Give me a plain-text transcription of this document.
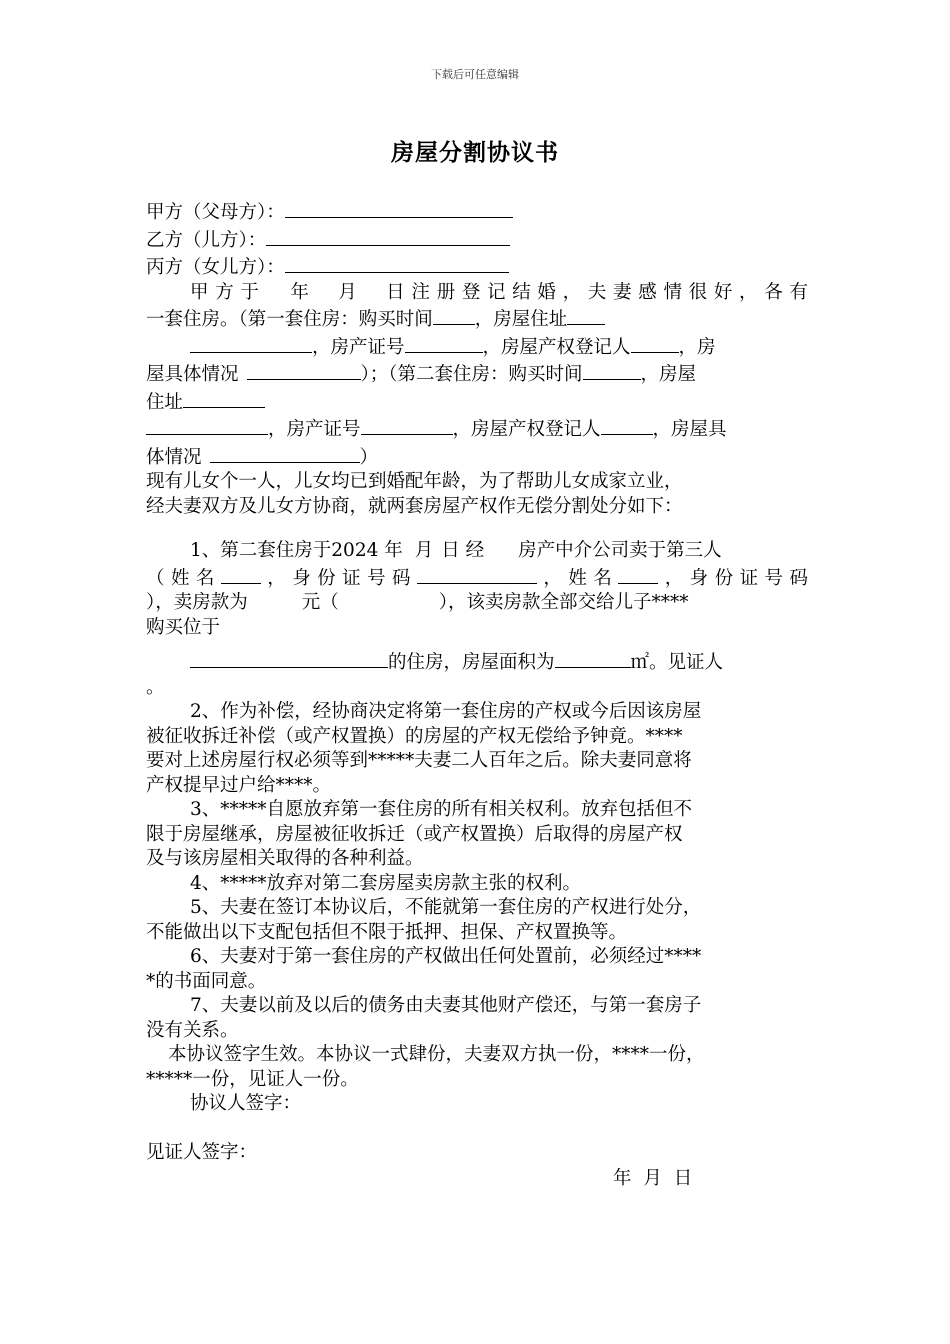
下载后可任意编辑
房屋分割协议书
甲方（父母方）：
乙方（儿方）：
丙方（女儿方）：
甲方于 年 月 日注册登记结婚，夫妻感情很好，各有
一套住房。（第一套住房：购买时间 ，房屋住址
，房产证号	，房屋产权登记人	，房
屋具体情况	）；（第二套住房：购买时间	，房屋
住址
，房产证号	，房屋产权登记人	，房屋具
体情况	）
现有儿女个一人，儿女均已到婚配年龄，为了帮助儿女成家立业，
经夫妻双方及儿女方协商，就两套房屋产权作无偿分割处分如下：
1、第二套住房于2024 年 月 日 经 房产中介公司卖于第三人
（姓名 ，身份证号码	，姓名 ，身份证号码
），卖房款为	元（	），该卖房款全部交给儿子****
购买位于
的住房，房屋面积为	㎡。见证人
。
2、作为补偿，经协商决定将第一套住房的产权或今后因该房屋
被征收拆迁补偿（或产权置换）的房屋的产权无偿给予钟竟。****
要对上述房屋行权必须等到*****夫妻二人百年之后。除夫妻同意将
产权提早过户给****。
3、*****自愿放弃第一套住房的所有相关权利。放弃包括但不
限于房屋继承，房屋被征收拆迁（或产权置换）后取得的房屋产权
及与该房屋相关取得的各种利益。
4、*****放弃对第二套房屋卖房款主张的权利。
5、夫妻在签订本协议后，不能就第一套住房的产权进行处分，
不能做出以下支配包括但不限于抵押、担保、产权置换等。
6、夫妻对于第一套住房的产权做出任何处置前，必须经过****
*的书面同意。
7、夫妻以前及以后的债务由夫妻其他财产偿还，与第一套房子
没有关系。
本协议签字生效。本协议一式肆份，夫妻双方执一份，****一份，
*****一份，见证人一份。
协议人签字：
见证人签字：
年 月 日
